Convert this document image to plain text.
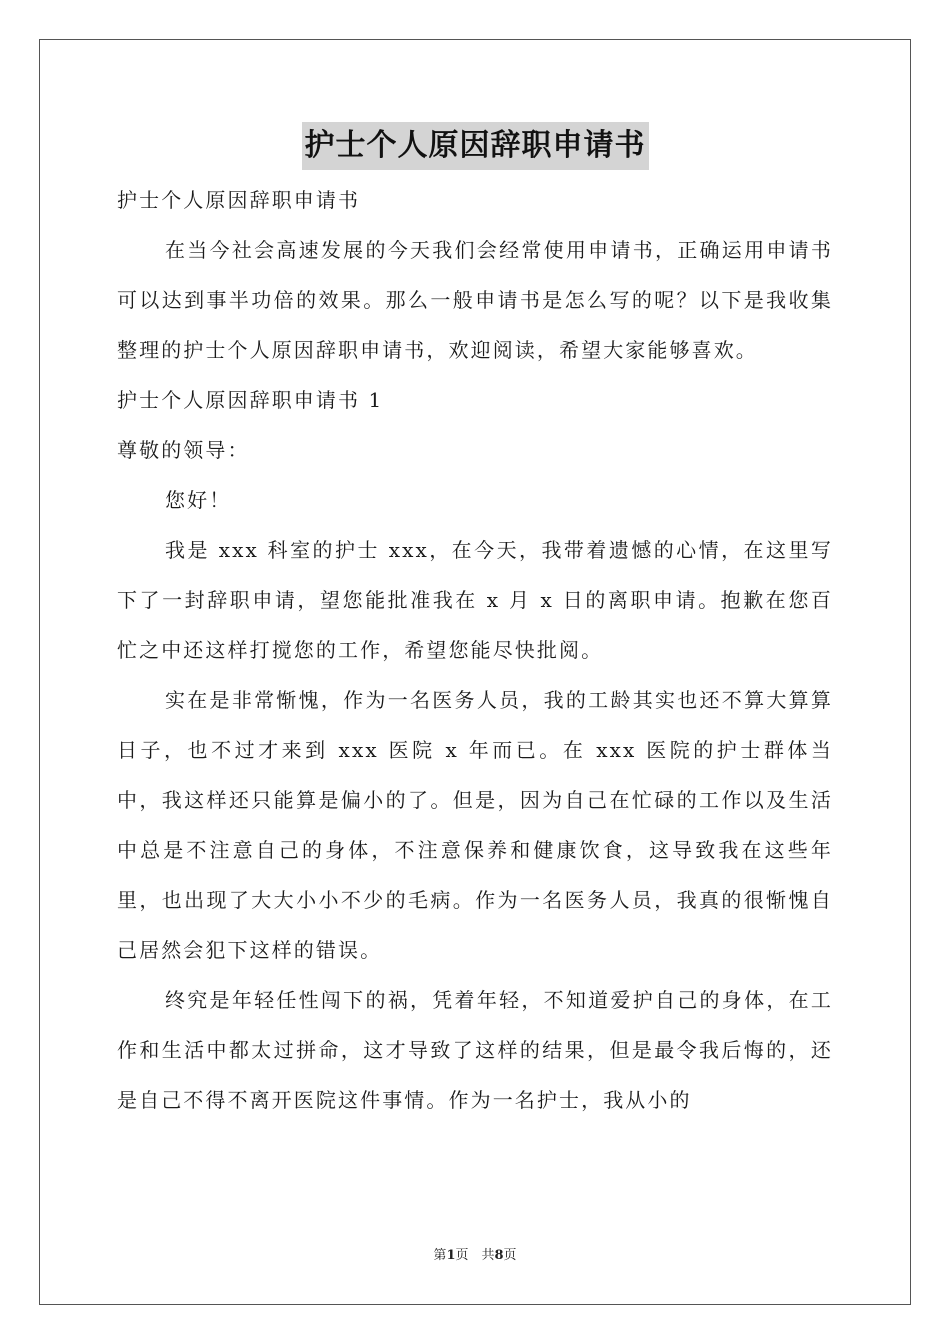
护士个人原因辞职申请书

护士个人原因辞职申请书

在当今社会高速发展的今天我们会经常使用申请书，正确运用申请书可以达到事半功倍的效果。那么一般申请书是怎么写的呢？以下是我收集整理的护士个人原因辞职申请书，欢迎阅读，希望大家能够喜欢。

护士个人原因辞职申请书 1

尊敬的领导：

您好！

我是 xxx 科室的护士 xxx，在今天，我带着遗憾的心情，在这里写下了一封辞职申请，望您能批准我在 x 月 x 日的离职申请。抱歉在您百忙之中还这样打搅您的工作，希望您能尽快批阅。

实在是非常惭愧，作为一名医务人员，我的工龄其实也还不算大算算日子，也不过才来到 xxx 医院 x 年而已。在 xxx 医院的护士群体当中，我这样还只能算是偏小的了。但是，因为自己在忙碌的工作以及生活中总是不注意自己的身体，不注意保养和健康饮食，这导致我在这些年里，也出现了大大小小不少的毛病。作为一名医务人员，我真的很惭愧自己居然会犯下这样的错误。

终究是年轻任性闯下的祸，凭着年轻，不知道爱护自己的身体，在工作和生活中都太过拼命，这才导致了这样的结果，但是最令我后悔的，还是自己不得不离开医院这件事情。作为一名护士，我从小的

第1页　共8页
